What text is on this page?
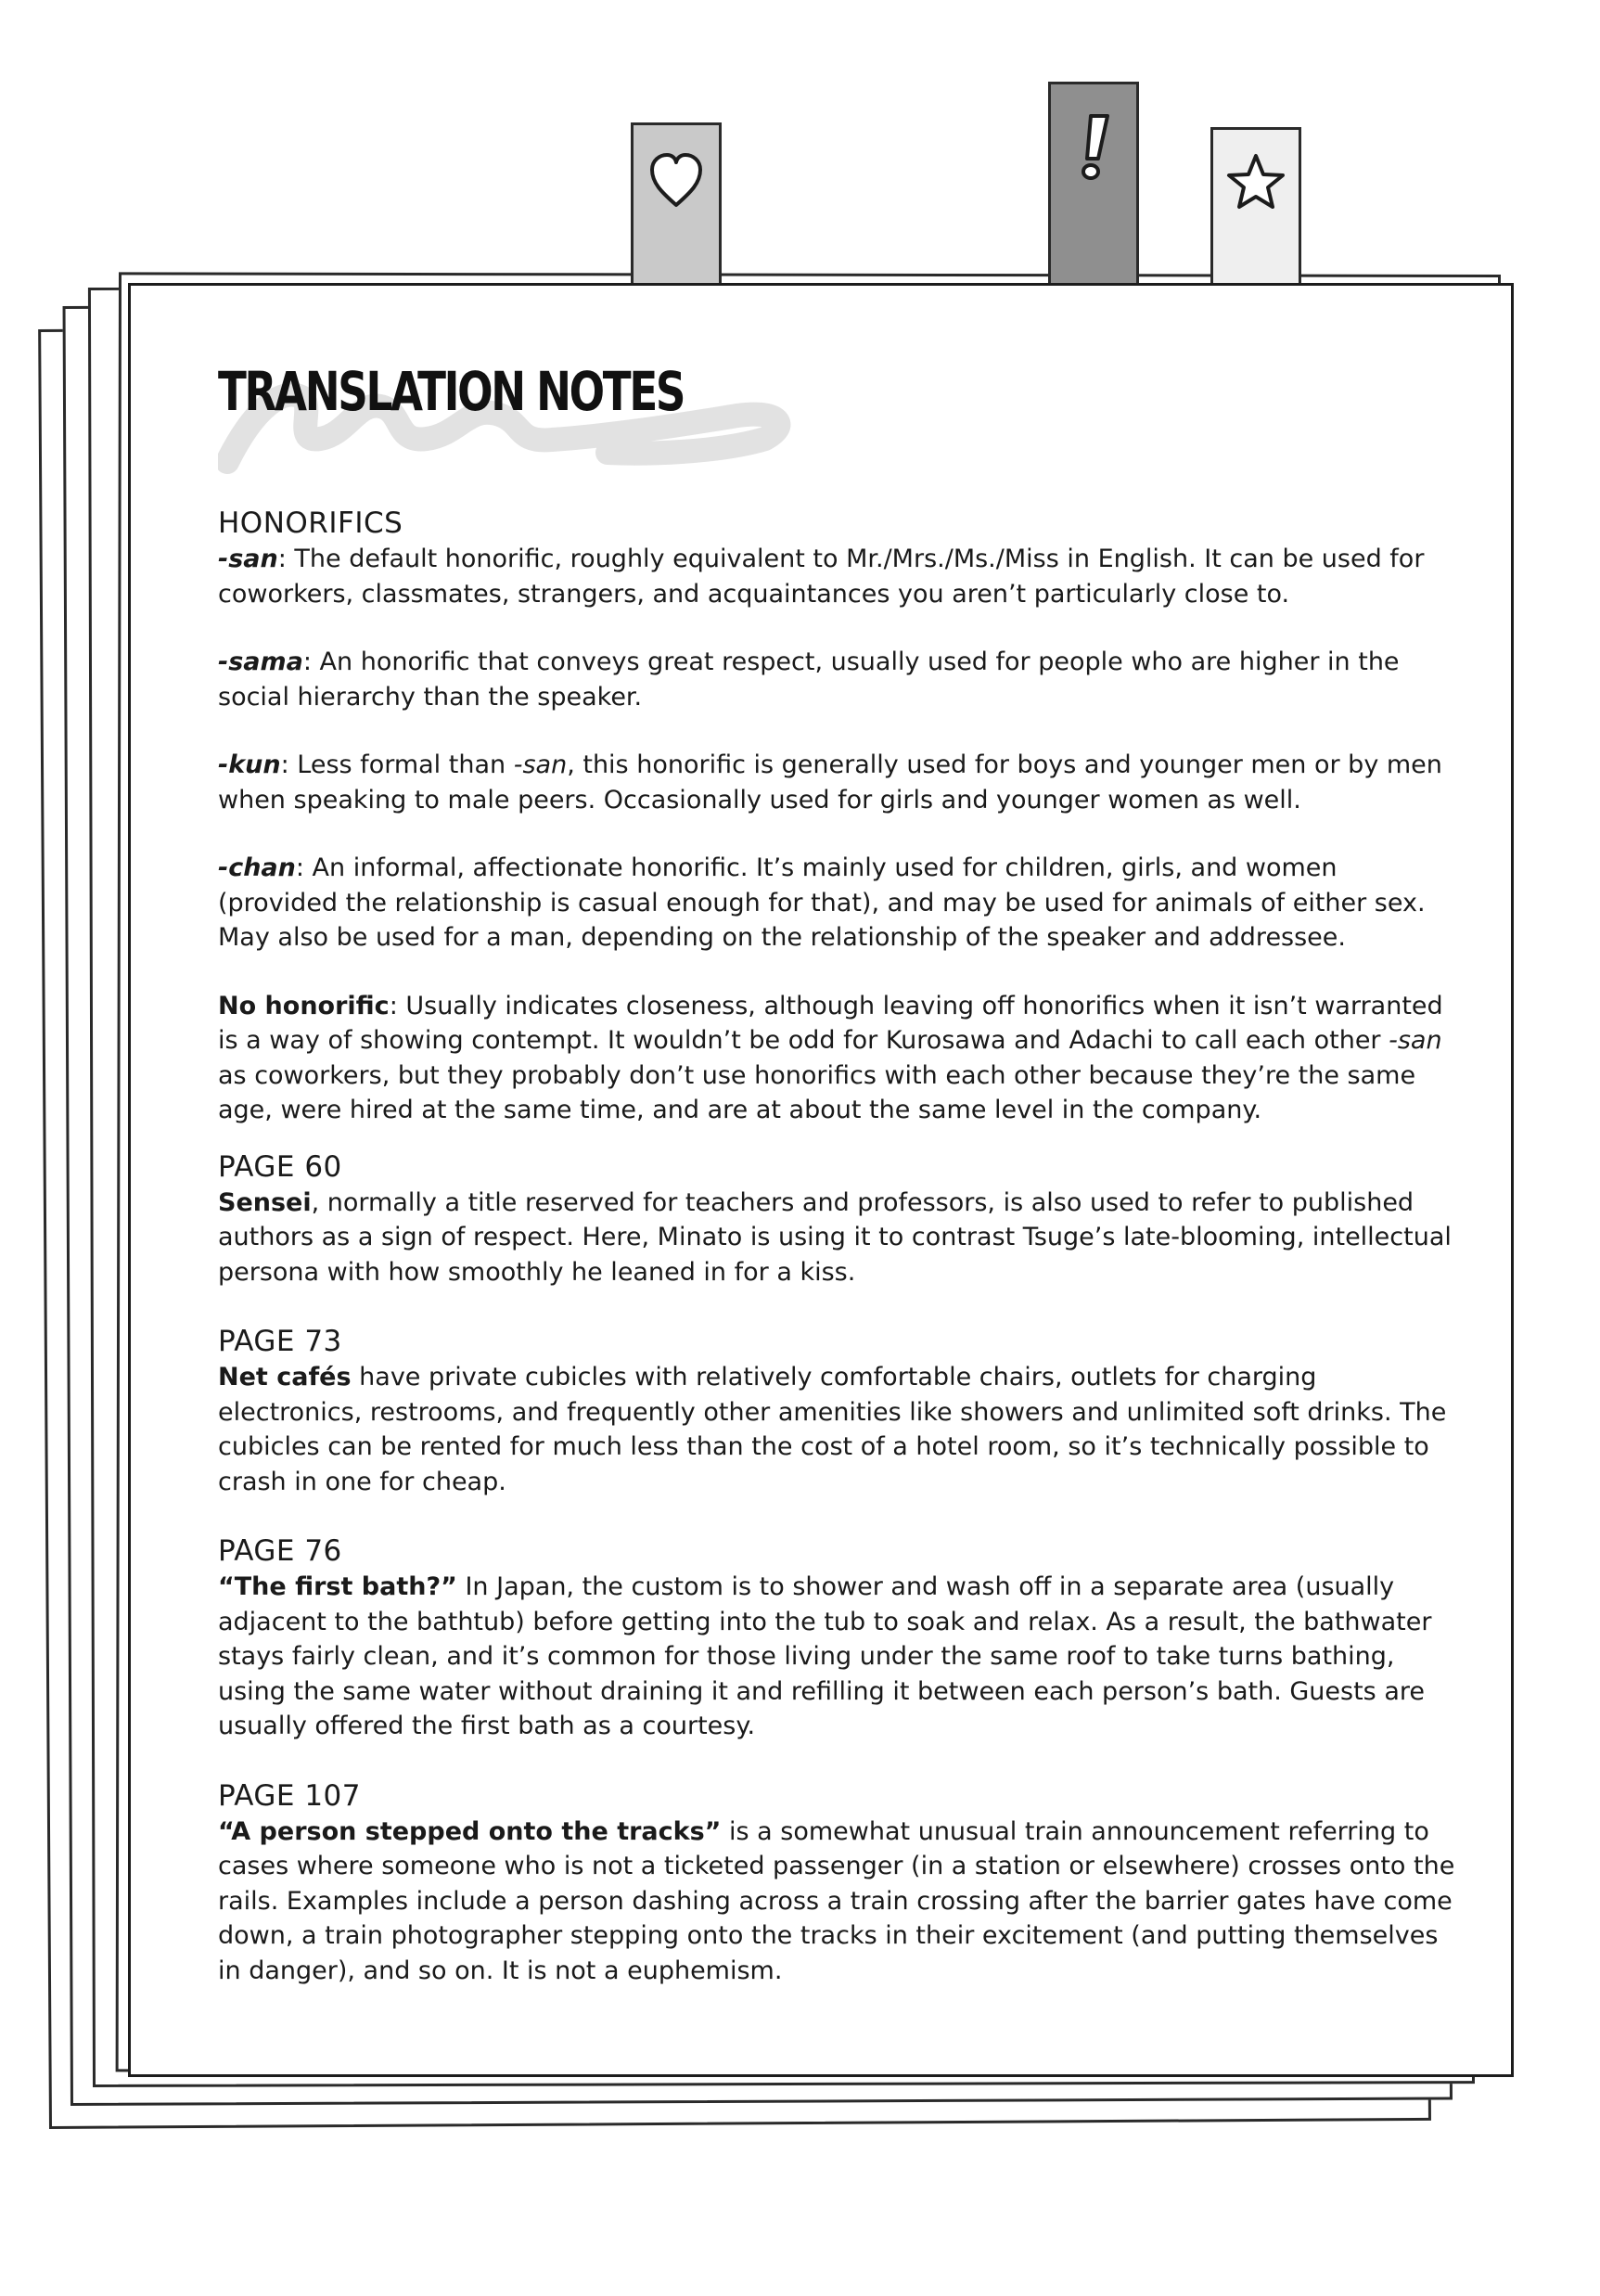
TRANSLATION NOTES
HONORIFICS

-san: The default honorific, roughly equivalent to Mr./Mrs./Ms./Miss in English. It can be used for coworkers, classmates, strangers, and acquaintances you aren’t particularly close to.

-sama: An honorific that conveys great respect, usually used for people who are higher in the social hierarchy than the speaker.

-kun: Less formal than -san, this honorific is generally used for boys and younger men or by men when speaking to male peers. Occasionally used for girls and younger women as well.

-chan: An informal, affectionate honorific. It’s mainly used for children, girls, and women (provided the relationship is casual enough for that), and may be used for animals of either sex. May also be used for a man, depending on the relationship of the speaker and addressee.

No honorific: Usually indicates closeness, although leaving off honorifics when it isn’t warranted is a way of showing contempt. It wouldn’t be odd for Kurosawa and Adachi to call each other -san as coworkers, but they probably don’t use honorifics with each other because they’re the same age, were hired at the same time, and are at about the same level in the company.

PAGE 60

Sensei, normally a title reserved for teachers and professors, is also used to refer to published authors as a sign of respect. Here, Minato is using it to contrast Tsuge’s late-blooming, intellectual persona with how smoothly he leaned in for a kiss.

PAGE 73

Net cafés have private cubicles with relatively comfortable chairs, outlets for charging electronics, restrooms, and frequently other amenities like showers and unlimited soft drinks. The cubicles can be rented for much less than the cost of a hotel room, so it’s technically possible to crash in one for cheap.

PAGE 76

“The first bath?” In Japan, the custom is to shower and wash off in a separate area (usually adjacent to the bathtub) before getting into the tub to soak and relax. As a result, the bathwater stays fairly clean, and it’s common for those living under the same roof to take turns bathing, using the same water without draining it and refilling it between each person’s bath. Guests are usually offered the first bath as a courtesy.

PAGE 107

“A person stepped onto the tracks” is a somewhat unusual train announcement referring to cases where someone who is not a ticketed passenger (in a station or elsewhere) crosses onto the rails. Examples include a person dashing across a train crossing after the barrier gates have come down, a train photographer stepping onto the tracks in their excitement (and putting themselves in danger), and so on. It is not a euphemism.
